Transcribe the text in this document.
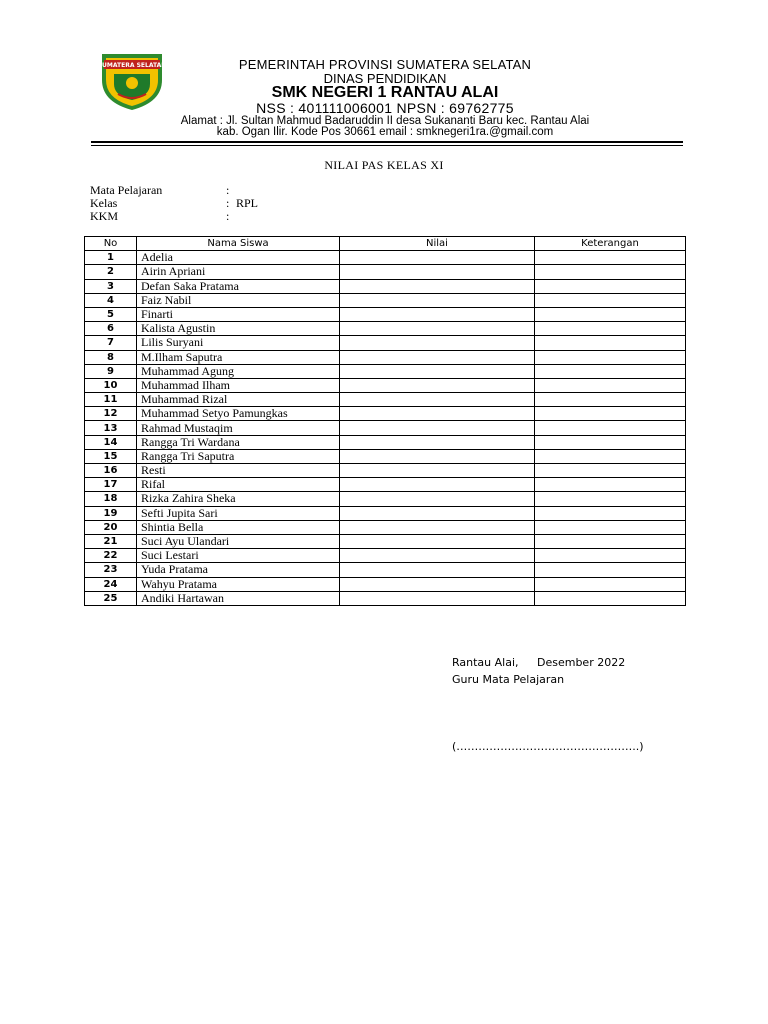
SUMATERA SELATAN	PEMERINTAH PROVINSI SUMATERA SELATAN
DINAS PENDIDIKAN
SMK NEGERI 1 RANTAU ALAI
NSS : 401111006001 NPSN : 69762775
Alamat : Jl. Sultan Mahmud Badaruddin II desa Sukananti Baru kec. Rantau Alai
kab. Ogan Ilir. Kode Pos 30661 email : smknegeri1ra.@gmail.com
NILAI PAS KELAS XI
Mata Pelajaran	:
Kelas	: RPL
KKM	:
No	Nama Siswa	Nilai	Keterangan
1	Adelia		
2	Airin Apriani		
3	Defan Saka Pratama		
4	Faiz Nabil		
5	Finarti		
6	Kalista Agustin		
7	Lilis Suryani		
8	M.Ilham Saputra		
9	Muhammad Agung		
10	Muhammad Ilham		
11	Muhammad Rizal		
12	Muhammad Setyo Pamungkas		
13	Rahmad Mustaqim		
14	Rangga Tri Wardana		
15	Rangga Tri Saputra		
16	Resti		
17	Rifal		
18	Rizka Zahira Sheka		
19	Sefti Jupita Sari		
20	Shintia Bella		
21	Suci Ayu Ulandari		
22	Suci Lestari		
23	Yuda Pratama		
24	Wahyu Pratama		
25	Andiki Hartawan		
Rantau Alai, Desember 2022
Guru Mata Pelajaran
(…………………………………………..)
